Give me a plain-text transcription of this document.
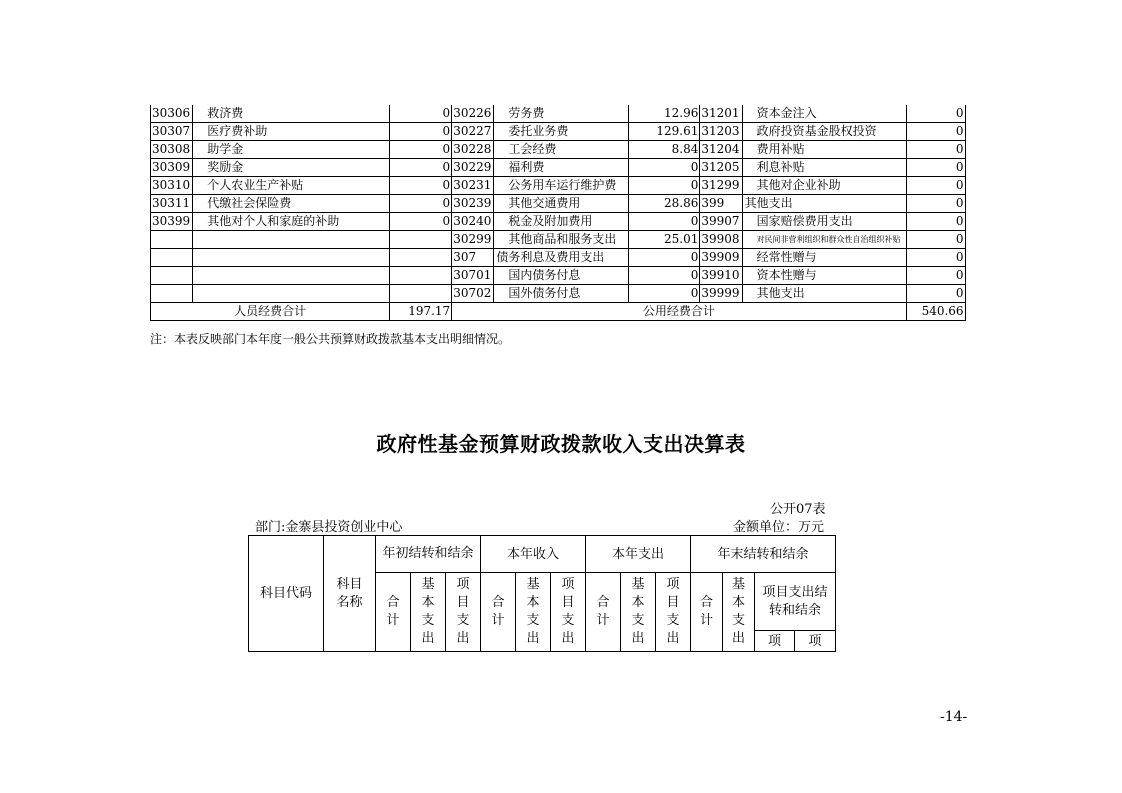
30306	救济费	0	30226	劳务费	12.96	31201	资本金注入	0
30307	医疗费补助	0	30227	委托业务费	129.61	31203	政府投资基金股权投资	0
30308	助学金	0	30228	工会经费	8.84	31204	费用补贴	0
30309	奖励金	0	30229	福利费	0	31205	利息补贴	0
30310	个人农业生产补贴	0	30231	公务用车运行维护费	0	31299	其他对企业补助	0
30311	代缴社会保险费	0	30239	其他交通费用	28.86	399	其他支出	0
30399	其他对个人和家庭的补助	0	30240	税金及附加费用	0	39907	国家赔偿费用支出	0
			30299	其他商品和服务支出	25.01	39908	对民间非营利组织和群众性自治组织补贴	0
			307	债务利息及费用支出	0	39909	经常性赠与	0
			30701	国内债务付息	0	39910	资本性赠与	0
			30702	国外债务付息	0	39999	其他支出	0
人员经费合计		197.17	公用经费合计					540.66
注：本表反映部门本年度一般公共预算财政拨款基本支出明细情况。
政府性基金预算财政拨款收入支出决算表
公开07表
部门:金寨县投资创业中心	金额单位：万元
科目代码	科目名称	年初结转和结余			本年收入			本年支出			年末结转和结余			
		合计	基本支出	项目支出	合计	基本支出	项目支出	合计	基本支出	项目支出	合计	基本支出	项目支出结转和结余	
													项	项
-14-
